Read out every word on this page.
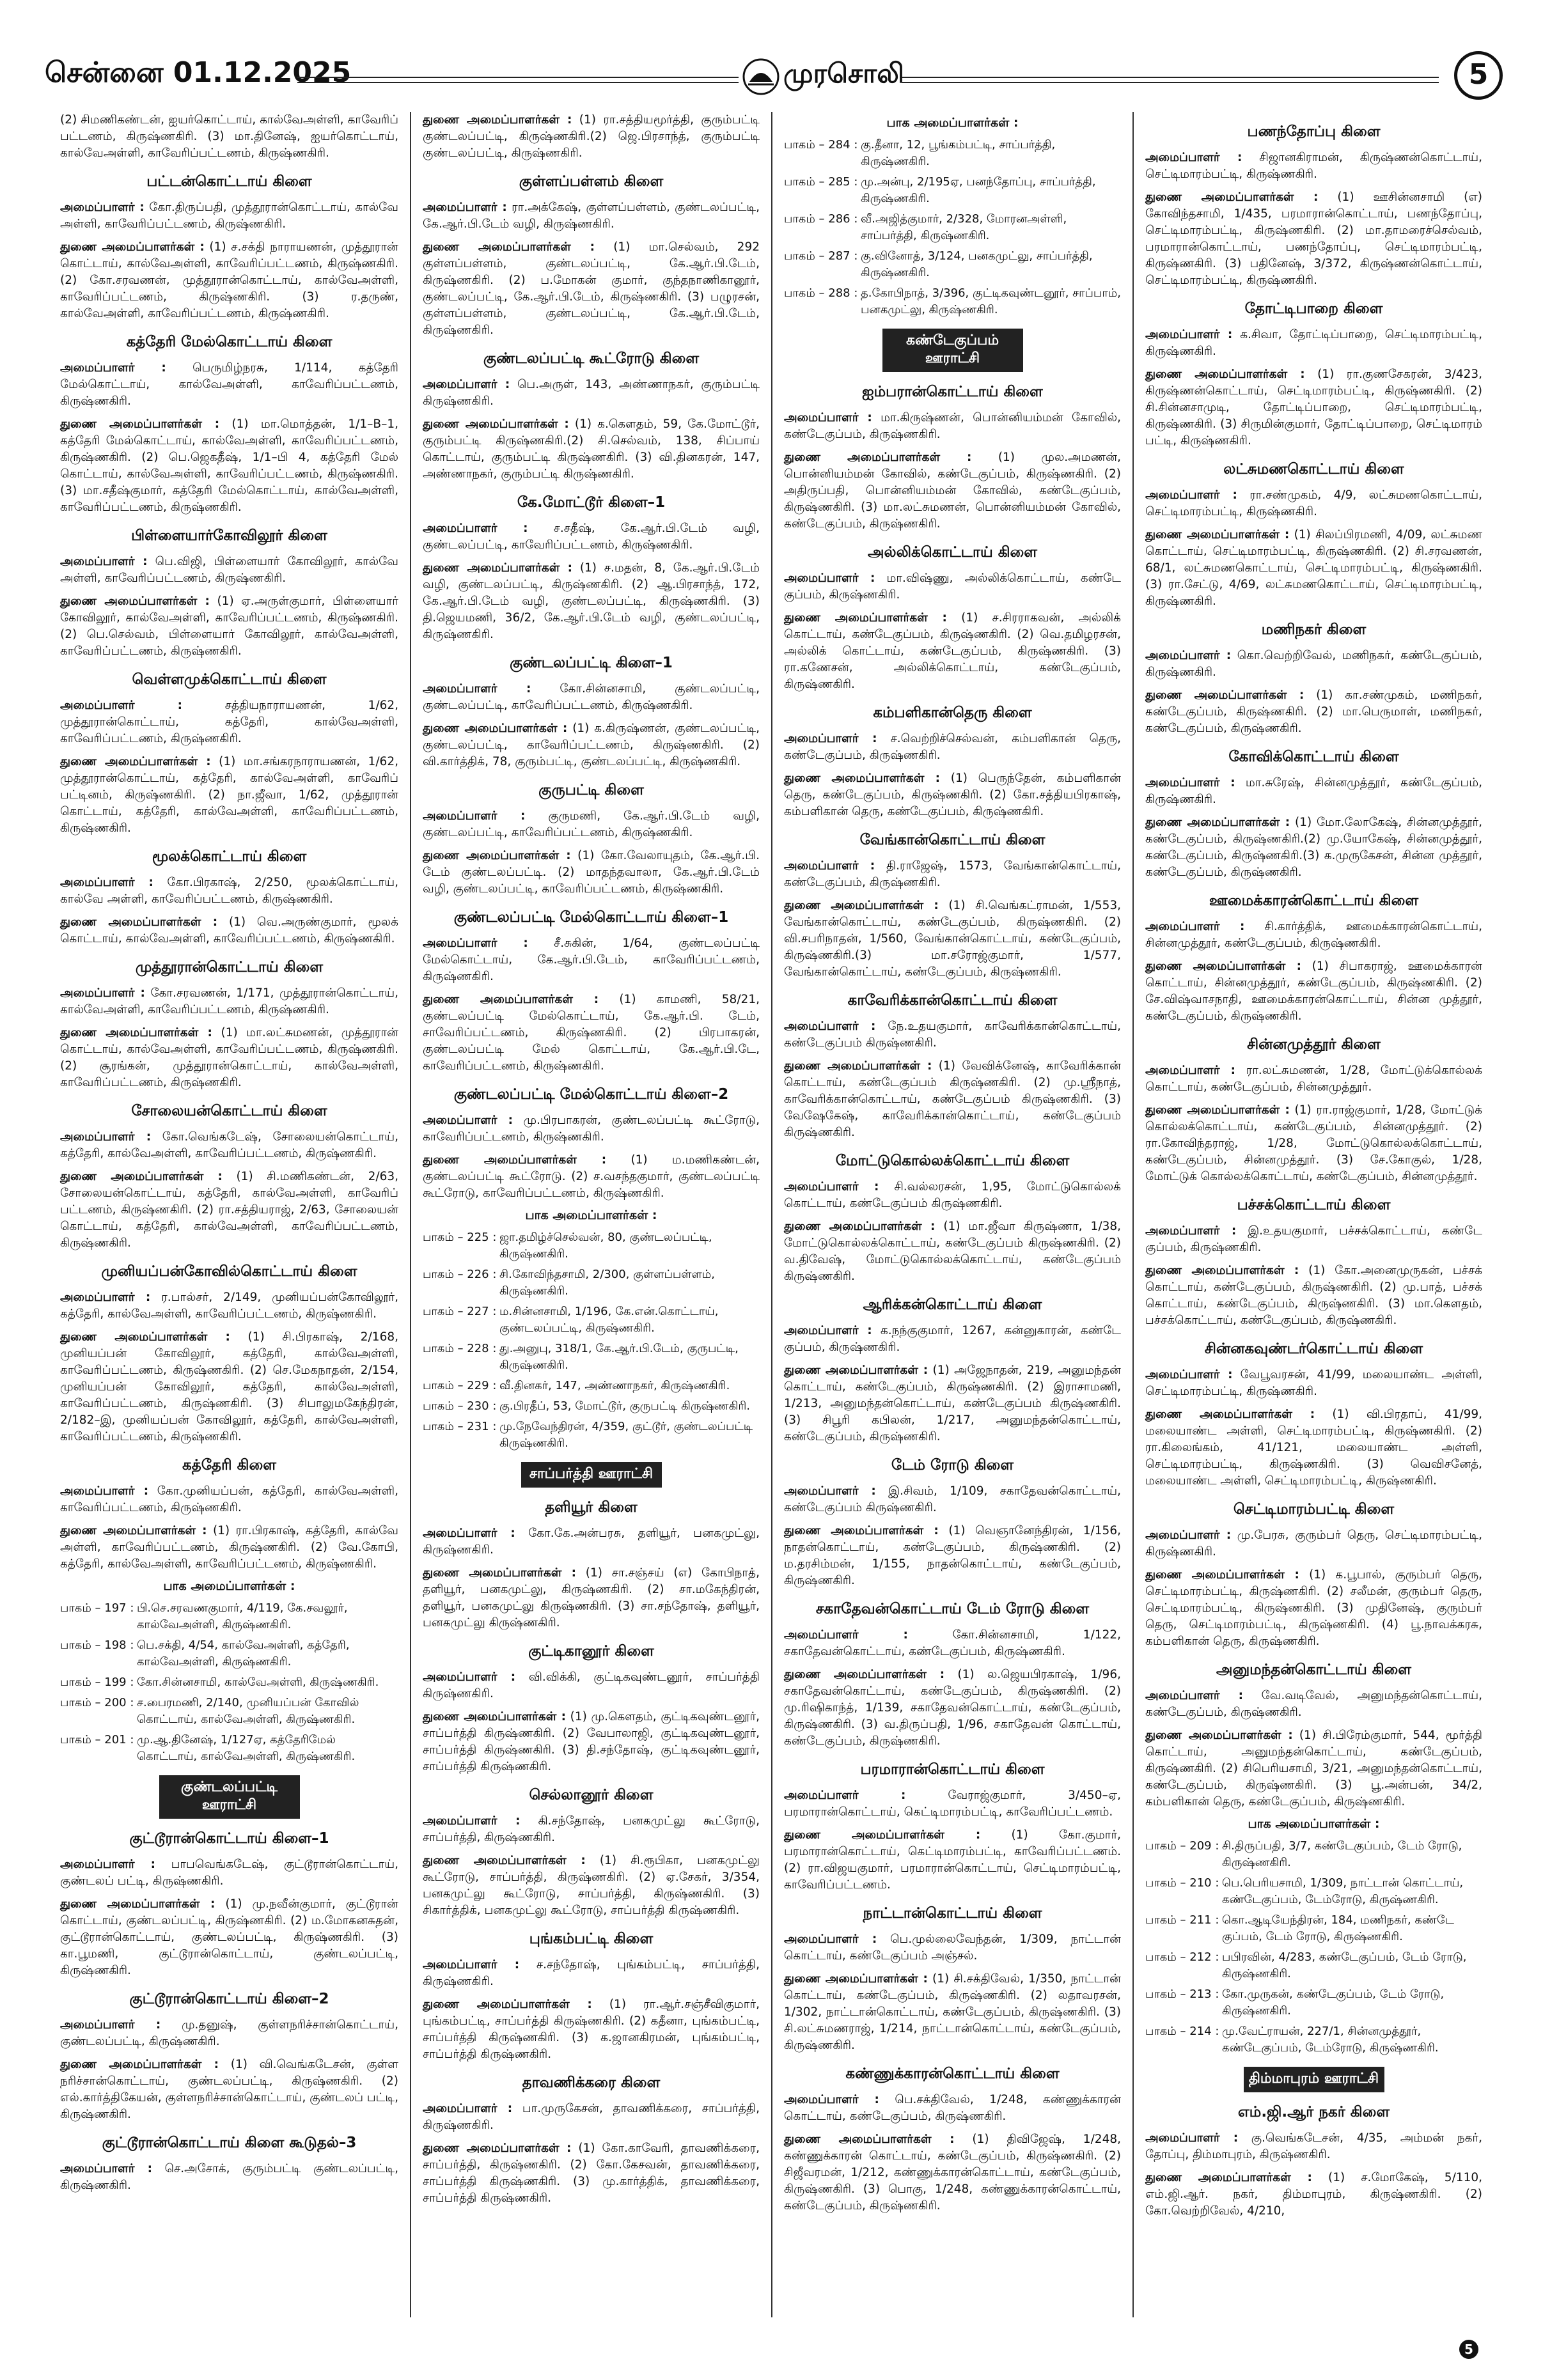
சென்னை 01.12.2025	முரசொலி	5

(2) சிமணிகண்டன், ஐயர்கொட்டாய், கால்வேஅள்ளி, காவேரிப் பட்டணம், கிருஷ்ணகிரி. (3) மா.தினேஷ், ஐயர்கொட்டாய், கால்வேஅள்ளி, காவேரிப்பட்டணம், கிருஷ்ணகிரி.

பட்டன்கொட்டாய் கிளை

அமைப்பாளர் : கோ.திருப்பதி, முத்தூரான்கொட்டாய், கால்வே அள்ளி, காவேரிப்பட்டணம், கிருஷ்ணகிரி.

துணை அமைப்பாளர்கள் : (1) ச.சக்தி நாராயணன், முத்தூரான் கொட்டாய், கால்வேஅள்ளி, காவேரிப்பட்டணம், கிருஷ்ணகிரி. (2) கோ.சரவணன், முத்தூரான்கொட்டாய், கால்வேஅள்ளி, காவேரிப்பட்டணம், கிருஷ்ணகிரி. (3) ர.தருண், கால்வேஅள்ளி, காவேரிப்பட்டணம், கிருஷ்ணகிரி.

கத்தேரி மேல்கொட்டாய் கிளை

அமைப்பாளர் : பெருமிழ்நரசு, 1/114, கத்தேரி மேல்கொட்டாய், கால்வேஅள்ளி, காவேரிப்பட்டணம், கிருஷ்ணகிரி.

துணை அமைப்பாளர்கள் : (1) மா.மொத்தன், 1/1–B–1, கத்தேரி மேல்கொட்டாய், கால்வேஅள்ளி, காவேரிப்பட்டணம், கிருஷ்ணகிரி. (2) பெ.ஜெகதீஷ், 1/1–பி 4, கத்தேரி மேல் கொட்டாய், கால்வேஅள்ளி, காவேரிப்பட்டணம், கிருஷ்ணகிரி. (3) மா.சதீஷ்குமார், கத்தேரி மேல்கொட்டாய், கால்வேஅள்ளி, காவேரிப்பட்டணம், கிருஷ்ணகிரி.

பிள்ளையார்கோவிலூர் கிளை

அமைப்பாளர் : பெ.விஜி, பிள்ளையார் கோவிலூர், கால்வே அள்ளி, காவேரிப்பட்டணம், கிருஷ்ணகிரி.

துணை அமைப்பாளர்கள் : (1) ஏ.அருள்குமார், பிள்ளையார் கோவிலூர், கால்வேஅள்ளி, காவேரிப்பட்டணம், கிருஷ்ணகிரி. (2) பெ.செல்வம், பிள்ளையார் கோவிலூர், கால்வேஅள்ளி, காவேரிப்பட்டணம், கிருஷ்ணகிரி.

வெள்ளமுக்கொட்டாய் கிளை

அமைப்பாளர் :	சத்தியநாராயணன், 1/62, முத்தூரான்கொட்டாய், கத்தேரி, கால்வேஅள்ளி, காவேரிப்பட்டணம், கிருஷ்ணகிரி.

துணை அமைப்பாளர்கள் : (1) மா.சங்கரநாராயணன், 1/62, முத்தூரான்கொட்டாய், கத்தேரி, கால்வேஅள்ளி, காவேரிப் பட்டினம், கிருஷ்ணகிரி. (2) நா.ஜீவா, 1/62, முத்தூரான் கொட்டாய், கத்தேரி, கால்வேஅள்ளி, காவேரிப்பட்டணம், கிருஷ்ணகிரி.

மூலக்கொட்டாய் கிளை

அமைப்பாளர் : கோ.பிரகாஷ், 2/250, மூலக்கொட்டாய், கால்வே அள்ளி, காவேரிப்பட்டணம், கிருஷ்ணகிரி.

துணை அமைப்பாளர்கள் : (1) வெ.அருண்குமார், மூலக் கொட்டாய், கால்வேஅள்ளி, காவேரிப்பட்டணம், கிருஷ்ணகிரி.

முத்தூரான்கொட்டாய் கிளை

அமைப்பாளர் : கோ.சரவணன், 1/171, முத்தூரான்கொட்டாய், கால்வேஅள்ளி, காவேரிப்பட்டணம், கிருஷ்ணகிரி.

துணை அமைப்பாளர்கள் : (1) மா.லட்சுமணன், முத்தூரான் கொட்டாய், கால்வேஅள்ளி, காவேரிப்பட்டணம், கிருஷ்ணகிரி. (2) சூரங்கன், முத்தூரான்கொட்டாய், கால்வேஅள்ளி, காவேரிப்பட்டணம், கிருஷ்ணகிரி.

சோலையன்கொட்டாய் கிளை

அமைப்பாளர் : கோ.வெங்கடேஷ், சோலையன்கொட்டாய், கத்தேரி, கால்வேஅள்ளி, காவேரிப்பட்டணம், கிருஷ்ணகிரி.

துணை அமைப்பாளர்கள் : (1) சி.மணிகண்டன், 2/63, சோலையன்கொட்டாய், கத்தேரி, கால்வேஅள்ளி, காவேரிப் பட்டணம், கிருஷ்ணகிரி. (2) ரா.சத்தியராஜ், 2/63, சோலையன் கொட்டாய், கத்தேரி, கால்வேஅள்ளி, காவேரிப்பட்டணம், கிருஷ்ணகிரி.

முனியப்பன்கோவில்கொட்டாய் கிளை

அமைப்பாளர் : ர.பால்சர், 2/149, முனியப்பன்கோவிலூர், கத்தேரி, கால்வேஅள்ளி, காவேரிப்பட்டணம், கிருஷ்ணகிரி.

துணை அமைப்பாளர்கள் : (1) சி.பிரகாஷ், 2/168, முனியப்பன் கோவிலூர், கத்தேரி, கால்வேஅள்ளி, காவேரிப்பட்டணம், கிருஷ்ணகிரி. (2) செ.மேகநாதன், 2/154, முனியப்பன் கோவிலூர், கத்தேரி, கால்வேஅள்ளி, காவேரிப்பட்டணம், கிருஷ்ணகிரி. (3) சிபாலுமகேந்திரன், 2/182–இ, முனியப்பன் கோவிலூர், கத்தேரி, கால்வேஅள்ளி, காவேரிப்பட்டணம், கிருஷ்ணகிரி.

கத்தேரி கிளை

அமைப்பாளர் : கோ.முனியப்பன், கத்தேரி, கால்வேஅள்ளி, காவேரிப்பட்டணம், கிருஷ்ணகிரி.

துணை அமைப்பாளர்கள் : (1) ரா.பிரகாஷ், கத்தேரி, கால்வே அள்ளி, காவேரிப்பட்டணம், கிருஷ்ணகிரி. (2) வே.கோபி, கத்தேரி, கால்வேஅள்ளி, காவேரிப்பட்டணம், கிருஷ்ணகிரி.

பாக அமைப்பாளர்கள் :
பாகம் – 197 : பி.செ.சரவணகுமார், 4/119, கே.சவலூர், கால்வேஅள்ளி, கிருஷ்ணகிரி.
பாகம் – 198 : பெ.சக்தி, 4/54, கால்வேஅள்ளி, கத்தேரி, கால்வேஅள்ளி, கிருஷ்ணகிரி.
பாகம் – 199 : கோ.சின்னசாமி, கால்வேஅள்ளி, கிருஷ்ணகிரி.
பாகம் – 200 : ச.பைரமணி, 2/140, முனியப்பன் கோவில் கொட்டாய், கால்வேஅள்ளி, கிருஷ்ணகிரி.
பாகம் – 201 : மு.ஆ.தினேஷ், 1/127ஏ, கத்தேரிமேல் கொட்டாய், கால்வேஅள்ளி, கிருஷ்ணகிரி.
குண்டலப்பட்டி ஊராட்சி
குட்டூரான்கொட்டாய் கிளை–1

அமைப்பாளர் : பாபவெங்கடேஷ், குட்டூரான்கொட்டாய், குண்டலப் பட்டி, கிருஷ்ணகிரி.

துணை அமைப்பாளர்கள் : (1) மு.நவீன்குமார், குட்டூரான் கொட்டாய், குண்டலப்பட்டி, கிருஷ்ணகிரி. (2) ம.மோகனசுதன், குட்டூரான்கொட்டாய், குண்டலப்பட்டி, கிருஷ்ணகிரி. (3) கா.பூமணி, குட்டூரான்கொட்டாய், குண்டலப்பட்டி, கிருஷ்ணகிரி.

குட்டூரான்கொட்டாய் கிளை–2

அமைப்பாளர் : மு.தனுஷ், குள்ளநரிச்சான்கொட்டாய், குண்டலப்பட்டி, கிருஷ்ணகிரி.

துணை அமைப்பாளர்கள் : (1) வி.வெங்கடேசன், குள்ள நரிச்சான்கொட்டாய், குண்டலப்பட்டி, கிருஷ்ணகிரி. (2) எல்.கார்த்திகேயன், குள்ளநரிச்சான்கொட்டாய், குண்டலப் பட்டி, கிருஷ்ணகிரி.

குட்டூரான்கொட்டாய் கிளை கூடுதல்–3

அமைப்பாளர் : செ.அசோக், குரும்பட்டி குண்டலப்பட்டி, கிருஷ்ணகிரி.

துணை அமைப்பாளர்கள் : (1) ரா.சத்தியமூர்த்தி, குரும்பட்டி குண்டலப்பட்டி, கிருஷ்ணகிரி.(2) ஜெ.பிரசாந்த், குரும்பட்டி குண்டலப்பட்டி, கிருஷ்ணகிரி.

குள்ளப்பள்ளம் கிளை

அமைப்பாளர் : ரா.அக்கேஷ், குள்ளப்பள்ளம், குண்டலப்பட்டி, கே.ஆர்.பி.டேம் வழி, கிருஷ்ணகிரி.

துணை அமைப்பாளர்கள் : (1) மா.செல்வம், 292 குள்ளப்பள்ளம், குண்டலப்பட்டி, கே.ஆர்.பி.டேம், கிருஷ்ணகிரி. (2) ப.மோகன் குமார், குந்தநாணிகானூர், குண்டலப்பட்டி, கே.ஆர்.பி.டேம், கிருஷ்ணகிரி. (3) பழுரசன், குள்ளப்பள்ளம், குண்டலப்பட்டி, கே.ஆர்.பி.டேம், கிருஷ்ணகிரி.

குண்டலப்பட்டி கூட்ரோடு கிளை

அமைப்பாளர் : பெ.அருள், 143, அண்ணாநகர், குரும்பட்டி கிருஷ்ணகிரி.

துணை அமைப்பாளர்கள் : (1) க.கௌதம், 59, கே.மோட்டூர், குரும்பட்டி கிருஷ்ணகிரி.(2) சி.செல்வம், 138, சிப்பாய் கொட்டாய், குரும்பட்டி கிருஷ்ணகிரி. (3) வி.தினகரன், 147, அண்ணாநகர், குரும்பட்டி கிருஷ்ணகிரி.

கே.மோட்டூர் கிளை–1

அமைப்பாளர் : ச.சதீஷ், கே.ஆர்.பி.டேம் வழி, குண்டலப்பட்டி, காவேரிப்பட்டணம், கிருஷ்ணகிரி.

துணை அமைப்பாளர்கள் : (1) ச.மதன், 8, கே.ஆர்.பி.டேம் வழி, குண்டலப்பட்டி, கிருஷ்ணகிரி. (2) ஆ.பிரசாந்த், 172, கே.ஆர்.பி.டேம் வழி, குண்டலப்பட்டி, கிருஷ்ணகிரி. (3) தி.ஜெயமணி, 36/2, கே.ஆர்.பி.டேம் வழி, குண்டலப்பட்டி, கிருஷ்ணகிரி.

குண்டலப்பட்டி கிளை–1

அமைப்பாளர் : கோ.சின்னசாமி, குண்டலப்பட்டி, குண்டலப்பட்டி, காவேரிப்பட்டணம், கிருஷ்ணகிரி.

துணை அமைப்பாளர்கள் : (1) க.கிருஷ்ணன், குண்டலப்பட்டி, குண்டலப்பட்டி, காவேரிப்பட்டணம், கிருஷ்ணகிரி. (2) வி.கார்த்திக், 78, குரும்பட்டி, குண்டலப்பட்டி, கிருஷ்ணகிரி.

குருபட்டி கிளை

அமைப்பாளர் : குருமணி, கே.ஆர்.பி.டேம் வழி, குண்டலப்பட்டி, காவேரிப்பட்டணம், கிருஷ்ணகிரி.

துணை அமைப்பாளர்கள் : (1) கோ.வேலாயுதம், கே.ஆர்.பி. டேம் குண்டலப்பட்டி. (2) மாதந்தவாலா, கே.ஆர்.பி.டேம் வழி, குண்டலப்பட்டி, காவேரிப்பட்டணம், கிருஷ்ணகிரி.

குண்டலப்பட்டி மேல்கொட்டாய் கிளை–1

அமைப்பாளர் : சீ.சுகின், 1/64, குண்டலப்பட்டி மேல்கொட்டாய், கே.ஆர்.பி.டேம், காவேரிப்பட்டணம், கிருஷ்ணகிரி.

துணை அமைப்பாளர்கள் : (1) காமணி, 58/21, குண்டலப்பட்டி மேல்கொட்டாய், கே.ஆர்.பி. டேம், சாவேரிப்பட்டணம், கிருஷ்ணகிரி. (2) பிரபாகரன், குண்டலப்பட்டி மேல் கொட்டாய், கே.ஆர்.பி.டே, காவேரிப்பட்டணம், கிருஷ்ணகிரி.

குண்டலப்பட்டி மேல்கொட்டாய் கிளை–2

அமைப்பாளர் : மு.பிரபாகரன், குண்டலப்பட்டி கூட்ரோடு, காவேரிப்பட்டணம், கிருஷ்ணகிரி.

துணை அமைப்பாளர்கள் : (1) ம.மணிகண்டன், குண்டலப்பட்டி கூட்ரோடு. (2) ச.வசந்தகுமார், குண்டலப்பட்டி கூட்ரோடு, காவேரிப்பட்டணம், கிருஷ்ணகிரி.

பாக அமைப்பாளர்கள் :
பாகம் – 225 : ஜா.தமிழ்ச்செல்வன், 80, குண்டலப்பட்டி, கிருஷ்ணகிரி.
பாகம் – 226 : சி.கோவிந்தசாமி, 2/300, குள்ளப்பள்ளம், கிருஷ்ணகிரி.
பாகம் – 227 : ம.சின்னசாமி, 1/196, கே.என்.கொட்டாய், குண்டலப்பட்டி, கிருஷ்ணகிரி.
பாகம் – 228 : து.அனுபு, 318/1, கே.ஆர்.பி.டேம், குருபட்டி, கிருஷ்ணகிரி.
பாகம் – 229 : வீ.தினகர், 147, அண்ணாநகர், கிருஷ்ணகிரி.
பாகம் – 230 : கு.பிரதீப், 53, மோட்டூர், குருபட்டி கிருஷ்ணகிரி.
பாகம் – 231 : மு.நேவேந்திரன், 4/359, குட்டூர், குண்டலப்பட்டி கிருஷ்ணகிரி.
சாப்பர்த்தி ஊராட்சி
தளியூர் கிளை

அமைப்பாளர் : கோ.கே.அன்பரசு, தளியூர், பனகமுட்லு, கிருஷ்ணகிரி.

துணை அமைப்பாளர்கள் : (1) சா.சஞ்சய் (எ) கோபிநாத், தளியூர், பனகமுட்லு, கிருஷ்ணகிரி. (2) சா.மகேந்திரன், தளியூர், பனகமுட்லு கிருஷ்ணகிரி. (3) சா.சந்தோஷ், தளியூர், பனகமுட்லு கிருஷ்ணகிரி.

குட்டிகானூர் கிளை

அமைப்பாளர் : வி.விக்கி, குட்டிகவுண்டனூர், சாப்பர்த்தி கிருஷ்ணகிரி.

துணை அமைப்பாளர்கள் : (1) மு.கௌதம், குட்டிகவுண்டனூர், சாப்பர்த்தி கிருஷ்ணகிரி. (2) வேபாலாஜி, குட்டிகவுண்டனூர், சாப்பர்த்தி கிருஷ்ணகிரி. (3) தி.சந்தோஷ், குட்டிகவுண்டனூர், சாப்பர்த்தி கிருஷ்ணகிரி.

செல்லானூர் கிளை

அமைப்பாளர் : கி.சந்தோஷ், பனகமுட்லு கூட்ரோடு, சாப்பர்த்தி, கிருஷ்ணகிரி.

துணை அமைப்பாளர்கள் : (1) சி.ரூபிகா, பனகமுட்லு கூட்ரோடு, சாப்பர்த்தி, கிருஷ்ணகிரி. (2) ஏ.சேகர், 3/354, பனகமுட்லு கூட்ரோடு, சாப்பர்த்தி, கிருஷ்ணகிரி. (3) சிகார்த்திக், பனகமுட்லு கூட்ரோடு, சாப்பர்த்தி கிருஷ்ணகிரி.

புங்கம்பட்டி கிளை

அமைப்பாளர் : ச.சந்தோஷ், புங்கம்பட்டி, சாப்பர்த்தி, கிருஷ்ணகிரி.

துணை அமைப்பாளர்கள் : (1) ரா.ஆர்.சஞ்சீவிகுமார், புங்கம்பட்டி, சாப்பர்த்தி கிருஷ்ணகிரி. (2) கதீனா, புங்கம்பட்டி, சாப்பர்த்தி கிருஷ்ணகிரி. (3) க.ஜானகிரமன், புங்கம்பட்டி, சாப்பர்த்தி கிருஷ்ணகிரி.

தாவணிக்கரை கிளை

அமைப்பாளர் : பா.முருகேசன், தாவணிக்கரை, சாப்பர்த்தி, கிருஷ்ணகிரி.

துணை அமைப்பாளர்கள் : (1) கோ.காவேரி, தாவணிக்கரை, சாப்பர்த்தி, கிருஷ்ணகிரி. (2) கோ.கேசவன், தாவணிக்கரை, சாப்பர்த்தி கிருஷ்ணகிரி. (3) மு.கார்த்திக், தாவணிக்கரை, சாப்பர்த்தி கிருஷ்ணகிரி.

பாக அமைப்பாளர்கள் :
பாகம் – 284 : கு.தீனா, 12, பூங்கம்பட்டி, சாப்பர்த்தி, கிருஷ்ணகிரி.
பாகம் – 285 : மு.அன்பு, 2/195ஏ, பனந்தோப்பு, சாப்பர்த்தி, கிருஷ்ணகிரி.
பாகம் – 286 : வீ.அஜித்குமார், 2/328, மோரனஅள்ளி, சாப்பர்த்தி, கிருஷ்ணகிரி.
பாகம் – 287 : கு.வினோத், 3/124, பனகமுட்லு, சாப்பர்த்தி, கிருஷ்ணகிரி.
பாகம் – 288 : த.கோபிநாத், 3/396, குட்டிகவுண்டனூர், சாப்பாம், பனகமுட்லு, கிருஷ்ணகிரி.
கண்டேகுப்பம் ஊராட்சி
ஐம்பரான்கொட்டாய் கிளை

அமைப்பாளர் : மா.கிருஷ்ணன், பொன்னியம்மன் கோவில், கண்டேகுப்பம், கிருஷ்ணகிரி.

துணை அமைப்பாளர்கள் : (1) முல.அமணன், பொன்னியம்மன் கோவில், கண்டேகுப்பம், கிருஷ்ணகிரி. (2) அதிருப்பதி, பொன்னியம்மன் கோவில், கண்டேகுப்பம், கிருஷ்ணகிரி. (3) மா.லட்சுமணன், பொன்னியம்மன் கோவில், கண்டேகுப்பம், கிருஷ்ணகிரி.

அல்லிக்கொட்டாய் கிளை

அமைப்பாளர் : மா.விஷ்ணு, அல்லிக்கொட்டாய், கண்டே குப்பம், கிருஷ்ணகிரி.

துணை அமைப்பாளர்கள் : (1) ச.சிரராகவன், அல்லிக் கொட்டாய், கண்டேகுப்பம், கிருஷ்ணகிரி. (2) வெ.தமிழரசன், அல்லிக் கொட்டாய், கண்டேகுப்பம், கிருஷ்ணகிரி. (3) ரா.கணேசன், அல்லிக்கொட்டாய், கண்டேகுப்பம், கிருஷ்ணகிரி.

கம்பளிகான்தெரு கிளை

அமைப்பாளர் : ச.வெற்றிச்செல்வன், கம்பளிகான் தெரு, கண்டேகுப்பம், கிருஷ்ணகிரி.

துணை அமைப்பாளர்கள் : (1) பெருந்தேன், கம்பளிகான் தெரு, கண்டேகுப்பம், கிருஷ்ணகிரி. (2) கோ.சத்தியபிரகாஷ், கம்பளிகான் தெரு, கண்டேகுப்பம், கிருஷ்ணகிரி.

வேங்கான்கொட்டாய் கிளை

அமைப்பாளர் : தி.ராஜேஷ், 1573, வேங்கான்கொட்டாய், கண்டேகுப்பம், கிருஷ்ணகிரி.

துணை அமைப்பாளர்கள் : (1) சி.வெங்கட்ராமன், 1/553, வேங்கான்கொட்டாய், கண்டேகுப்பம், கிருஷ்ணகிரி. (2) வி.சபரிநாதன், 1/560, வேங்கான்கொட்டாய், கண்டேகுப்பம், கிருஷ்ணகிரி.(3) மா.சரோஜ்குமார், 1/577, வேங்கான்கொட்டாய், கண்டேகுப்பம், கிருஷ்ணகிரி.

காவேரிக்கான்கொட்டாய் கிளை

அமைப்பாளர் : நே.உதயகுமார், காவேரிக்கான்கொட்டாய், கண்டேகுப்பம் கிருஷ்ணகிரி.

துணை அமைப்பாளர்கள் : (1) வேவிக்னேஷ், காவேரிக்கான் கொட்டாய், கண்டேகுப்பம் கிருஷ்ணகிரி. (2) மு.ஸ்ரீநாத், காவேரிக்கான்கொட்டாய், கண்டேகுப்பம் கிருஷ்ணகிரி. (3) வேஷேகேஷ், காவேரிக்கான்கொட்டாய், கண்டேகுப்பம் கிருஷ்ணகிரி.

மோட்டுகொல்லக்கொட்டாய் கிளை

அமைப்பாளர் : சி.வல்லரசன், 1,95, மோட்டுகொல்லக் கொட்டாய், கண்டேகுப்பம் கிருஷ்ணகிரி.

துணை அமைப்பாளர்கள் : (1) மா.ஜீவா கிருஷ்ணா, 1/38, மோட்டுகொல்லக்கொட்டாய், கண்டேகுப்பம் கிருஷ்ணகிரி. (2) வ.திவேஷ், மோட்டுகொல்லக்கொட்டாய், கண்டேகுப்பம் கிருஷ்ணகிரி.

ஆரிக்கன்கொட்டாய் கிளை

அமைப்பாளர் : க.நந்குகுமார், 1267, கன்னுகாரன், கண்டே குப்பம், கிருஷ்ணகிரி.

துணை அமைப்பாளர்கள் : (1) அஜேநாதன், 219, அனுமந்தன் கொட்டாய், கண்டேகுப்பம், கிருஷ்ணகிரி. (2) இராசாமணி, 1/213, அனுமந்தன்கொட்டாய், கண்டேகுப்பம் கிருஷ்ணகிரி. (3) சிபூரி கபிலன், 1/217, அனுமந்தன்கொட்டாய், கண்டேகுப்பம், கிருஷ்ணகிரி.

டேம் ரோடு கிளை

அமைப்பாளர் : இ.சிவம், 1/109, சகாதேவன்கொட்டாய், கண்டேகுப்பம் கிருஷ்ணகிரி.

துணை அமைப்பாளர்கள் : (1) வெஞானேந்திரன், 1/156, நாதன்கொட்டாய், கண்டேகுப்பம், கிருஷ்ணகிரி. (2) ம.தரசிம்மன், 1/155, நாதன்கொட்டாய், கண்டேகுப்பம், கிருஷ்ணகிரி.

சகாதேவன்கொட்டாய் டேம் ரோடு கிளை

அமைப்பாளர் :	கோ.சின்னசாமி, 1/122, சகாதேவன்கொட்டாய், கண்டேகுப்பம், கிருஷ்ணகிரி.

துணை அமைப்பாளர்கள் : (1) ல.ஜெயபிரகாஷ், 1/96, சகாதேவன்கொட்டாய், கண்டேகுப்பம், கிருஷ்ணகிரி. (2) மு.ரிஷிகாந்த், 1/139, சகாதேவன்கொட்டாய், கண்டேகுப்பம், கிருஷ்ணகிரி. (3) வ.திருப்பதி, 1/96, சகாதேவன் கொட்டாய், கண்டேகுப்பம், கிருஷ்ணகிரி.

பரமாரான்கொட்டாய் கிளை

அமைப்பாளர் :	வேராஜ்குமார், 3/450–ஏ, பரமாரான்கொட்டாய், கெட்டிமாரம்பட்டி, காவேரிப்பட்டணம்.

துணை அமைப்பாளர்கள் :	(1) கோ.குமார், பரமாரான்கொட்டாய், கெட்டிமாரம்பட்டி, காவேரிப்பட்டணம். (2) ரா.விஜயகுமார், பரமாரான்கொட்டாய், செட்டிமாரம்பட்டி, காவேரிப்பட்டணம்.

நாட்டான்கொட்டாய் கிளை

அமைப்பாளர் : பெ.முல்லைவேந்தன், 1/309, நாட்டான் கொட்டாய், கண்டேகுப்பம் அஞ்சல்.

துணை அமைப்பாளர்கள் : (1) சி.சக்திவேல், 1/350, நாட்டான் கொட்டாய், கண்டேகுப்பம், கிருஷ்ணகிரி. (2) லதாவரசன், 1/302, நாட்டான்கொட்டாய், கண்டேகுப்பம், கிருஷ்ணகிரி. (3) சி.லட்சுமணராஜ், 1/214, நாட்டான்கொட்டாய், கண்டேகுப்பம், கிருஷ்ணகிரி.

கண்ணுக்காரன்கொட்டாய் கிளை

அமைப்பாளர் : பெ.சக்திவேல், 1/248, கண்ணுக்காரன் கொட்டாய், கண்டேகுப்பம், கிருஷ்ணகிரி.

துணை அமைப்பாளர்கள் : (1) திவிஜேஷ், 1/248, கண்ணுக்காரன் கொட்டாய், கண்டேகுப்பம், கிருஷ்ணகிரி. (2) சிஜீவரமன், 1/212, கண்ணுக்காரன்கொட்டாய், கண்டேகுப்பம், கிருஷ்ணகிரி. (3) பொகு, 1/248, கண்ணுக்காரன்கொட்டாய், கண்டேகுப்பம், கிருஷ்ணகிரி.

பணந்தோப்பு கிளை

அமைப்பாளர் : சிஜானகிராமன், கிருஷ்ணன்கொட்டாய், செட்டிமாரம்பட்டி, கிருஷ்ணகிரி.

துணை அமைப்பாளர்கள் : (1) ஊசின்னசாமி (எ) கோவிந்தசாமி, 1/435, பரமாரான்கொட்டாய், பணந்தோப்பு, செட்டிமாரம்பட்டி, கிருஷ்ணகிரி. (2) மா.தாமரைச்செல்வம், பரமாரான்கொட்டாய், பணந்தோப்பு, செட்டிமாரம்பட்டி, கிருஷ்ணகிரி. (3) பதினேஷ், 3/372, கிருஷ்ணன்கொட்டாய், செட்டிமாரம்பட்டி, கிருஷ்ணகிரி.

தோட்டிபாறை கிளை

அமைப்பாளர் : க.சிவா, தோட்டிப்பாறை, செட்டிமாரம்பட்டி, கிருஷ்ணகிரி.

துணை அமைப்பாளர்கள் : (1) ரா.குணசேகரன், 3/423, கிருஷ்ணன்கொட்டாய், செட்டிமாரம்பட்டி, கிருஷ்ணகிரி. (2) சி.சின்னசாமுடி, தோட்டிப்பாறை, செட்டிமாரம்பட்டி, கிருஷ்ணகிரி. (3) சிருமின்குமார், தோட்டிப்பாறை, செட்டிமாரம் பட்டி, கிருஷ்ணகிரி.

லட்சுமணகொட்டாய் கிளை

அமைப்பாளர் : ரா.சண்முகம், 4/9, லட்சுமணகொட்டாய், செட்டிமாரம்பட்டி, கிருஷ்ணகிரி.

துணை அமைப்பாளர்கள் : (1) சிலப்பிரமணி, 4/09, லட்சுமண கொட்டாய், செட்டிமாரம்பட்டி, கிருஷ்ணகிரி. (2) சி.சரவணன், 68/1, லட்சுமணகொட்டாய், செட்டிமாரம்பட்டி, கிருஷ்ணகிரி. (3) ரா.சேட்டு, 4/69, லட்சுமணகொட்டாய், செட்டிமாரம்பட்டி, கிருஷ்ணகிரி.

மணிநகர் கிளை

அமைப்பாளர் : கொ.வெற்றிவேல், மணிநகர், கண்டேகுப்பம், கிருஷ்ணகிரி.

துணை அமைப்பாளர்கள் : (1) கா.சண்முகம், மணிநகர், கண்டேகுப்பம், கிருஷ்ணகிரி. (2) மா.பெருமாள், மணிநகர், கண்டேகுப்பம், கிருஷ்ணகிரி.

கோவிக்கொட்டாய் கிளை

அமைப்பாளர் : மா.சுரேஷ், சின்னமுத்தூர், கண்டேகுப்பம், கிருஷ்ணகிரி.

துணை அமைப்பாளர்கள் : (1) மோ.லோகேஷ், சின்னமுத்தூர், கண்டேகுப்பம், கிருஷ்ணகிரி.(2) மு.யோகேஷ், சின்னமுத்தூர், கண்டேகுப்பம், கிருஷ்ணகிரி.(3) க.முருகேசன், சின்ன முத்தூர், கண்டேகுப்பம், கிருஷ்ணகிரி.

ஊமைக்காரன்கொட்டாய் கிளை

அமைப்பாளர் : சி.கார்த்திக், ஊமைக்காரன்கொட்டாய், சின்னமுத்தூர், கண்டேகுப்பம், கிருஷ்ணகிரி.

துணை அமைப்பாளர்கள் : (1) சிபாகராஜ், ஊமைக்காரன் கொட்டாய், சின்னமுத்தூர், கண்டேகுப்பம், கிருஷ்ணகிரி. (2) சே.விஷ்வாசநாதி, ஊமைக்காரன்கொட்டாய், சின்ன முத்தூர், கண்டேகுப்பம், கிருஷ்ணகிரி.

சின்னமுத்தூர் கிளை

அமைப்பாளர் : ரா.லட்சுமணன், 1/28, மோட்டுக்கொல்லக் கொட்டாய், கண்டேகுப்பம், சின்னமுத்தூர்.

துணை அமைப்பாளர்கள் : (1) ரா.ராஜ்குமார், 1/28, மோட்டுக் கொல்லக்கொட்டாய், கண்டேகுப்பம், சின்னமுத்தூர். (2) ரா.கோவிந்தராஜ், 1/28, மோட்டுகொல்லக்கொட்டாய், கண்டேகுப்பம், சின்னமுத்தூர். (3) சே.கோகுல், 1/28, மோட்டுக் கொல்லக்கொட்டாய், கண்டேகுப்பம், சின்னமுத்தூர்.

பச்சக்கொட்டாய் கிளை

அமைப்பாளர் : இ.உதயகுமார், பச்சக்கொட்டாய், கண்டே குப்பம், கிருஷ்ணகிரி.

துணை அமைப்பாளர்கள் : (1) கோ.அனைமுருகன், பச்சக் கொட்டாய், கண்டேகுப்பம், கிருஷ்ணகிரி. (2) மு.பாத், பச்சக் கொட்டாய், கண்டேகுப்பம், கிருஷ்ணகிரி. (3) மா.கௌதம், பச்சக்கொட்டாய், கண்டேகுப்பம், கிருஷ்ணகிரி.

சின்னகவுண்டர்கொட்டாய் கிளை

அமைப்பாளர் : வேபூவரசன், 41/99, மலையாண்ட அள்ளி, செட்டிமாரம்பட்டி, கிருஷ்ணகிரி.

துணை அமைப்பாளர்கள் : (1) வி.பிரதாப், 41/99, மலையாண்ட அள்ளி, செட்டிமாரம்பட்டி, கிருஷ்ணகிரி. (2) ரா.கிலைங்கம், 41/121, மலையாண்ட அள்ளி, செட்டிமாரம்பட்டி, கிருஷ்ணகிரி. (3) வெவிசனேத், மலையாண்ட அள்ளி, செட்டிமாரம்பட்டி, கிருஷ்ணகிரி.

செட்டிமாரம்பட்டி கிளை

அமைப்பாளர் : மு.பேரசு, குரும்பர் தெரு, செட்டிமாரம்பட்டி, கிருஷ்ணகிரி.

துணை அமைப்பாளர்கள் : (1) க.பூபால், குரும்பர் தெரு, செட்டிமாரம்பட்டி, கிருஷ்ணகிரி. (2) சலீமன், குரும்பர் தெரு, செட்டிமாரம்பட்டி, கிருஷ்ணகிரி. (3) முதினேஷ், குரும்பர் தெரு, செட்டிமாரம்பட்டி, கிருஷ்ணகிரி. (4) பூ.நாவக்கரசு, கம்பளிகான் தெரு, கிருஷ்ணகிரி.

அனுமந்தன்கொட்டாய் கிளை

அமைப்பாளர் : வே.வடிவேல், அனுமந்தன்கொட்டாய், கண்டேகுப்பம், கிருஷ்ணகிரி.

துணை அமைப்பாளர்கள் : (1) சி.பிரேம்குமார், 544, மூர்த்தி கொட்டாய், அனுமந்தன்கொட்டாய், கண்டேகுப்பம், கிருஷ்ணகிரி. (2) சிபெரியசாமி, 3/21, அனுமந்தன்கொட்டாய், கண்டேகுப்பம், கிருஷ்ணகிரி. (3) பூ.அன்பன், 34/2, கம்பளிகான் தெரு, கண்டேகுப்பம், கிருஷ்ணகிரி.

பாக அமைப்பாளர்கள் :
பாகம் – 209 : சி.திருப்பதி, 3/7, கண்டேகுப்பம், டேம் ரோடு, கிருஷ்ணகிரி.
பாகம் – 210 : பெ.பெரியசாமி, 1/309, நாட்டான் கொட்டாய், கண்டேகுப்பம், டேம்ரோடு, கிருஷ்ணகிரி.
பாகம் – 211 : கொ.ஆடியேந்திரன், 184, மணிநகர், கண்டே குப்பம், டேம் ரோடு, கிருஷ்ணகிரி.
பாகம் – 212 : பபிரவின், 4/283, கண்டேகுப்பம், டேம் ரோடு, கிருஷ்ணகிரி.
பாகம் – 213 : கோ.முருகன், கண்டேகுப்பம், டேம் ரோடு, கிருஷ்ணகிரி.
பாகம் – 214 : மு.வேட்ராயன், 227/1, சின்னமுத்தூர், கண்டேகுப்பம், டேம்ரோடு, கிருஷ்ணகிரி.
திம்மாபுரம் ஊராட்சி
எம்.ஜி.ஆர் நகர் கிளை

அமைப்பாளர் : கு.வெங்கடேசன், 4/35, அம்மன் நகர், தோப்பு, திம்மாபுரம், கிருஷ்ணகிரி.

துணை அமைப்பாளர்கள் : (1) ச.மோகேஷ், 5/110, எம்.ஜி.ஆர். நகர், திம்மாபுரம், கிருஷ்ணகிரி. (2) கோ.வெற்றிவேல், 4/210,

5
